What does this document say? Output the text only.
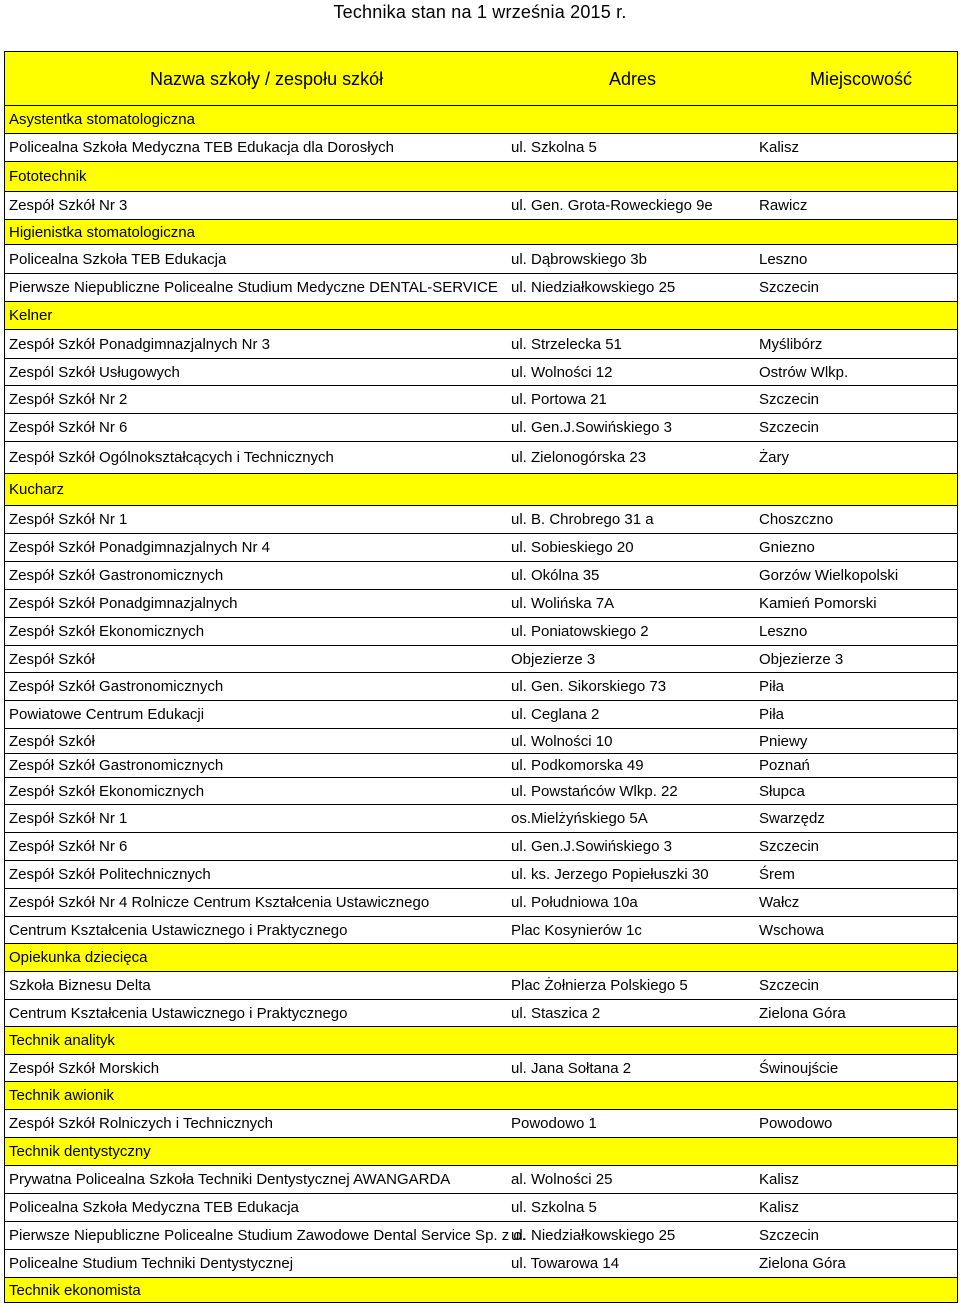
Technika stan na 1 września 2015 r.
Nazwa szkoły / zespołu szkół	Adres	Miejscowość
Asystentka stomatologiczna
Policealna Szkoła Medyczna TEB Edukacja dla Dorosłych	ul. Szkolna 5	Kalisz
Fototechnik
Zespół Szkół Nr 3	ul. Gen. Grota-Roweckiego 9e	Rawicz
Higienistka stomatologiczna
Policealna Szkoła TEB Edukacja	ul. Dąbrowskiego 3b	Leszno
Pierwsze Niepubliczne Policealne Studium Medyczne DENTAL-SERVICE ul. Niedziałkowskiego 25	Szczecin
Kelner
Zespół Szkół Ponadgimnazjalnych Nr 3	ul. Strzelecka 51	Myślibórz
Zespól Szkół Usługowych	ul. Wolności 12	Ostrów Wlkp.
Zespół Szkół Nr 2	ul. Portowa 21	Szczecin
Zespół Szkół Nr 6	ul. Gen.J.Sowińskiego 3	Szczecin
Zespół Szkół Ogólnokształcących i Technicznych	ul. Zielonogórska 23	Żary
Kucharz
Zespół Szkół Nr 1	ul. B. Chrobrego 31 a	Choszczno
Zespół Szkół Ponadgimnazjalnych Nr 4	ul. Sobieskiego 20	Gniezno
Zespół Szkół Gastronomicznych	ul. Okólna 35	Gorzów Wielkopolski
Zespół Szkół Ponadgimnazjalnych	ul. Wolińska 7A	Kamień Pomorski
Zespół Szkół Ekonomicznych	ul. Poniatowskiego 2	Leszno
Zespół Szkół	Objezierze 3	Objezierze 3
Zespół Szkół Gastronomicznych	ul. Gen. Sikorskiego 73	Piła
Powiatowe Centrum Edukacji	ul. Ceglana 2	Piła
Zespół Szkół	ul. Wolności 10	Pniewy
Zespół Szkół Gastronomicznych	ul. Podkomorska 49	Poznań
Zespół Szkół Ekonomicznych	ul. Powstańców Wlkp. 22	Słupca
Zespół Szkół Nr 1	os.Mielżyńskiego 5A	Swarzędz
Zespół Szkół Nr 6	ul. Gen.J.Sowińskiego 3	Szczecin
Zespół Szkół Politechnicznych	ul. ks. Jerzego Popiełuszki 30	Śrem
Zespół Szkół Nr 4 Rolnicze Centrum Kształcenia Ustawicznego	ul. Południowa 10a	Wałcz
Centrum Kształcenia Ustawicznego i Praktycznego	Plac Kosynierów 1c	Wschowa
Opiekunka dziecięca
Szkoła Biznesu Delta	Plac Żołnierza Polskiego 5	Szczecin
Centrum Kształcenia Ustawicznego i Praktycznego	ul. Staszica 2	Zielona Góra
Technik analityk
Zespół Szkół Morskich	ul. Jana Sołtana 2	Świnoujście
Technik awionik
Zespół Szkół Rolniczych i Technicznych	Powodowo 1	Powodowo
Technik dentystyczny
Prywatna Policealna Szkoła Techniki Dentystycznej AWANGARDA	al. Wolności 25	Kalisz
Policealna Szkoła Medyczna TEB Edukacja	ul. Szkolna 5	Kalisz
Pierwsze Niepubliczne Policealne Studium Zawodowe Dental Service Sp. z o.
ul. Niedziałkowskiego 25	Szczecin
Policealne Studium Techniki Dentystycznej	ul. Towarowa 14	Zielona Góra
Technik ekonomista
